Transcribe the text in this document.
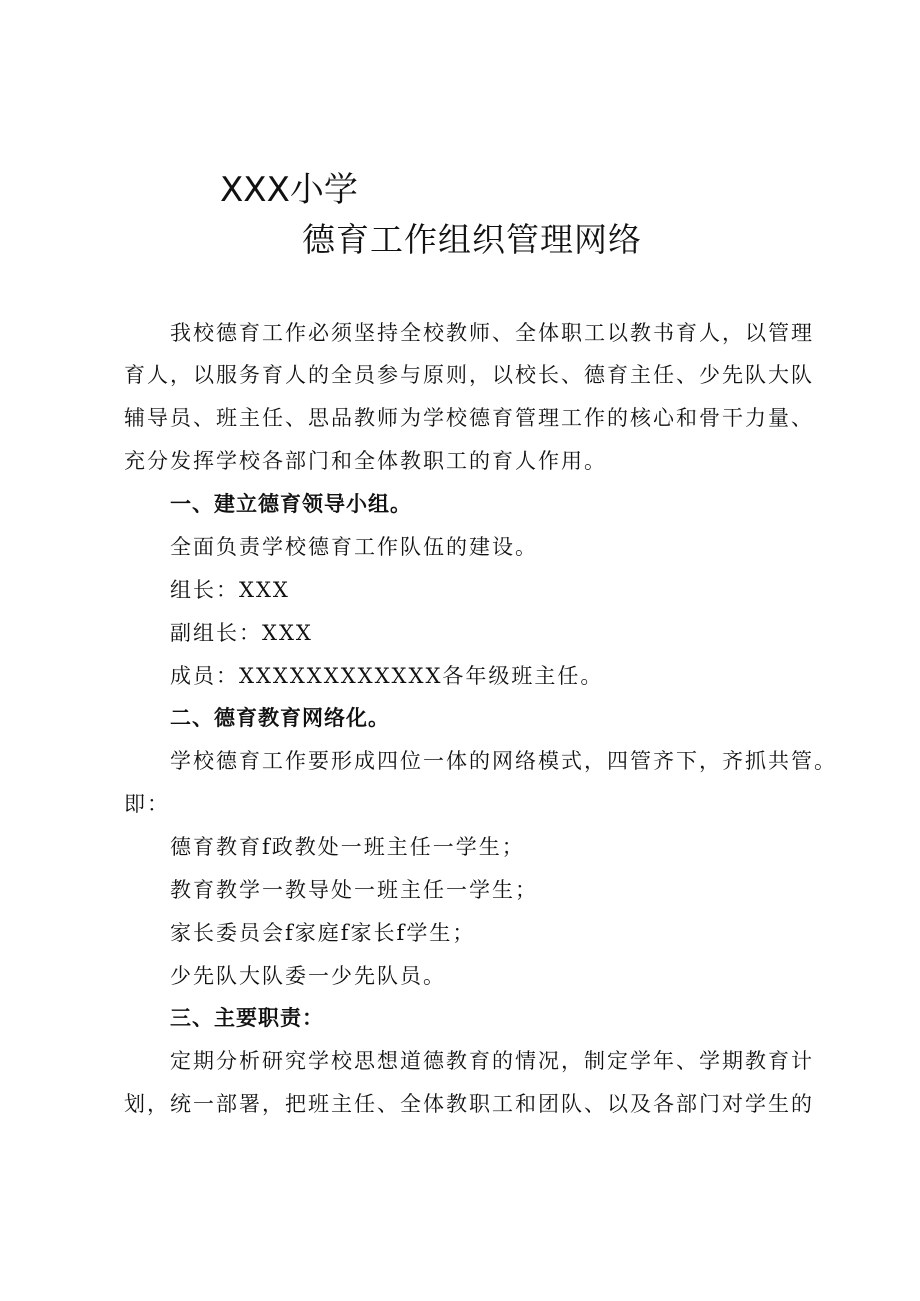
XXX小学
德育工作组织管理网络
我校德育工作必须坚持全校教师、全体职工以教书育人，以管理
育人，以服务育人的全员参与原则，以校长、德育主任、少先队大队
辅导员、班主任、思品教师为学校德育管理工作的核心和骨干力量、
充分发挥学校各部门和全体教职工的育人作用。
一、建立德育领导小组。
全面负责学校德育工作队伍的建设。
组长：XXX
副组长：XXX
成员：XXXXXXXXXXXX各年级班主任。
二、德育教育网络化。
学校德育工作要形成四位一体的网络模式，四管齐下，齐抓共管。
即：
德育教育f政教处一班主任一学生；
教育教学一教导处一班主任一学生；
家长委员会f家庭f家长f学生；
少先队大队委一少先队员。
三、主要职责：
定期分析研究学校思想道德教育的情况，制定学年、学期教育计
划，统一部署，把班主任、全体教职工和团队、以及各部门对学生的
